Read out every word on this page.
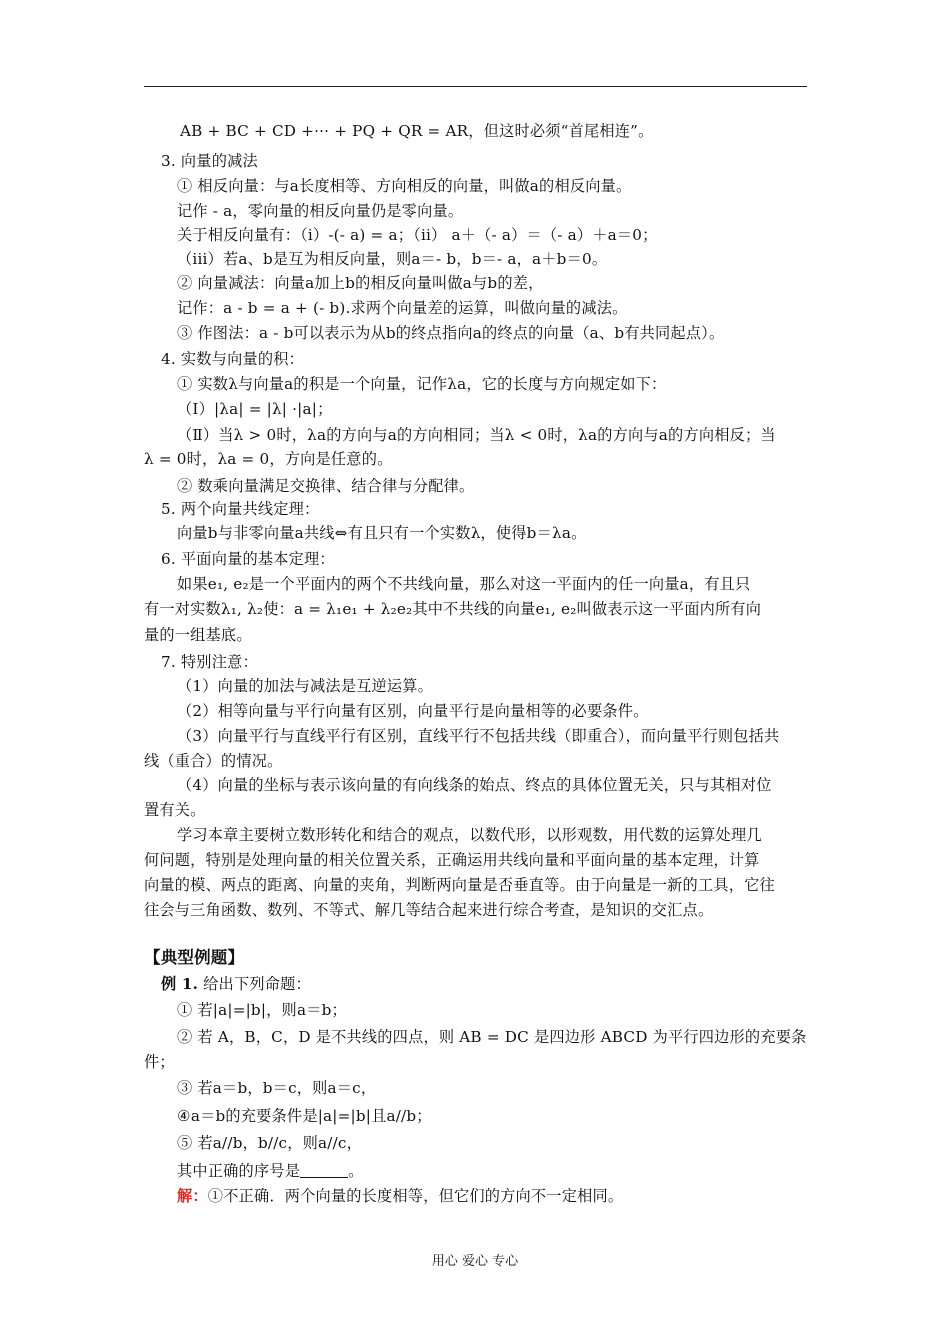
AB + BC + CD +··· + PQ + QR = AR，但这时必须“首尾相连”。
3. 向量的减法
① 相反向量：与a长度相等、方向相反的向量，叫做a的相反向量。
记作 - a，零向量的相反向量仍是零向量。
关于相反向量有：（i）-(- a) = a；（ii） a＋（- a）＝（- a）＋a＝0；
（iii）若a、b是互为相反向量，则a＝- b，b＝- a，a＋b＝0。
② 向量减法：向量a加上b的相反向量叫做a与b的差，
记作：a - b = a + (- b).求两个向量差的运算，叫做向量的减法。
③ 作图法：a - b可以表示为从b的终点指向a的终点的向量（a、b有共同起点）。
4. 实数与向量的积：
① 实数λ与向量a的积是一个向量，记作λa，它的长度与方向规定如下：
（Ⅰ）|λa| = |λ| ·|a|；
（Ⅱ）当λ > 0时，λa的方向与a的方向相同；当λ < 0时，λa的方向与a的方向相反；当
λ = 0时，λa = 0，方向是任意的。
② 数乘向量满足交换律、结合律与分配律。
5. 两个向量共线定理：
向量b与非零向量a共线⇔有且只有一个实数λ，使得b＝λa。
6. 平面向量的基本定理：
如果e₁, e₂是一个平面内的两个不共线向量，那么对这一平面内的任一向量a，有且只
有一对实数λ₁, λ₂使：a = λ₁e₁ + λ₂e₂其中不共线的向量e₁, e₂叫做表示这一平面内所有向
量的一组基底。
7. 特别注意：
（1）向量的加法与减法是互逆运算。
（2）相等向量与平行向量有区别，向量平行是向量相等的必要条件。
（3）向量平行与直线平行有区别，直线平行不包括共线（即重合），而向量平行则包括共
线（重合）的情况。
（4）向量的坐标与表示该向量的有向线条的始点、终点的具体位置无关，只与其相对位
置有关。
学习本章主要树立数形转化和结合的观点，以数代形，以形观数，用代数的运算处理几
何问题，特别是处理向量的相关位置关系，正确运用共线向量和平面向量的基本定理，计算
向量的模、两点的距离、向量的夹角，判断两向量是否垂直等。由于向量是一新的工具，它往
往会与三角函数、数列、不等式、解几等结合起来进行综合考查，是知识的交汇点。
【典型例题】
例 1. 给出下列命题：
① 若|a|=|b|，则a＝b；
② 若 A，B，C，D 是不共线的四点，则 AB = DC 是四边形 ABCD 为平行四边形的充要条
件；
③ 若a＝b，b＝c，则a＝c，
④a＝b的充要条件是|a|=|b|且a//b；
⑤ 若a//b，b//c，则a//c，
其中正确的序号是	。
解：①不正确．两个向量的长度相等，但它们的方向不一定相同。
用心 爱心 专心
